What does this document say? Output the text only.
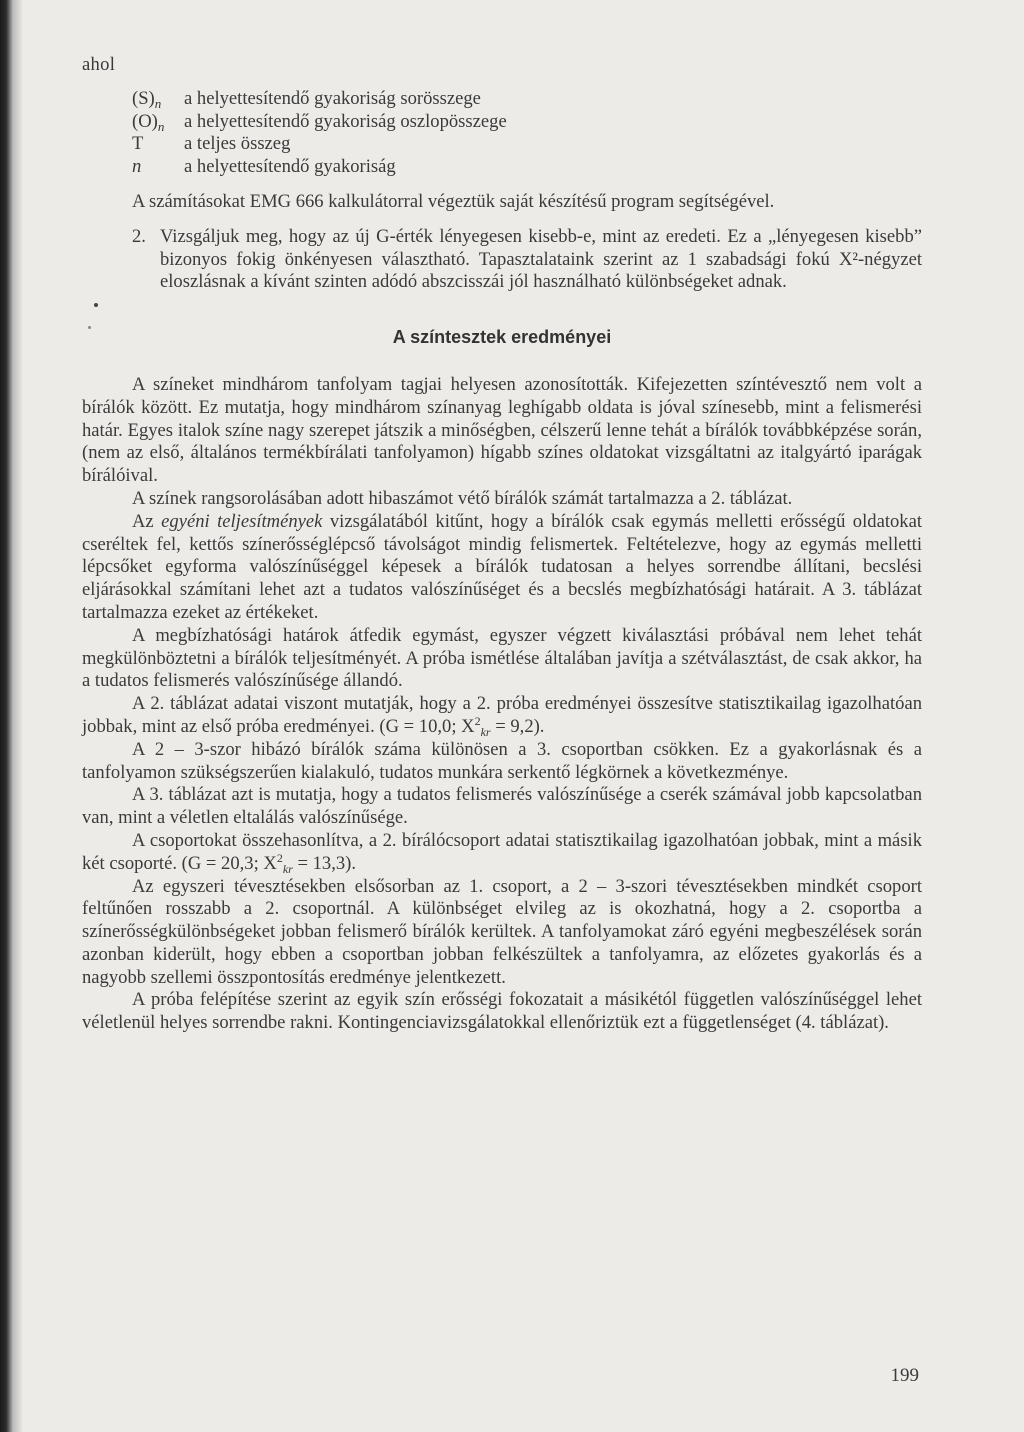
ahol

$(S)_n$	a helyettesítendő gyakoriság sorösszege
$(O)_n$	a helyettesítendő gyakoriság oszlopösszege
T	a teljes összeg
n	a helyettesítendő gyakoriság

A számításokat EMG 666 kalkulátorral végeztük saját készítésű program segítségével.

2. Vizsgáljuk meg, hogy az új G-érték lényegesen kisebb-e, mint az eredeti. Ez a „lényegesen kisebb” bizonyos fokig önkényesen választható. Tapasztalataink szerint az 1 szabadsági fokú X²-négyzet eloszlásnak a kívánt szinten adódó abszcisszái jól használható különbségeket adnak.

A színtesztek eredményei

A színeket mindhárom tanfolyam tagjai helyesen azonosították. Kifejezetten színtévesztő nem volt a bírálók között. Ez mutatja, hogy mindhárom színanyag leghígabb oldata is jóval színesebb, mint a felismerési határ. Egyes italok színe nagy szerepet játszik a minőségben, célszerű lenne tehát a bírálók továbbképzése során, (nem az első, általános termékbírálati tanfolyamon) hígabb színes oldatokat vizsgáltatni az italgyártó iparágak bírálóival.

A színek rangsorolásában adott hibaszámot vétő bírálók számát tartalmazza a 2. táblázat.

Az egyéni teljesítmények vizsgálatából kitűnt, hogy a bírálók csak egymás melletti erősségű oldatokat cseréltek fel, kettős színerősséglépcső távolságot mindig felismertek. Feltételezve, hogy az egymás melletti lépcsőket egyforma valószínűséggel képesek a bírálók tudatosan a helyes sorrendbe állítani, becslési eljárásokkal számítani lehet azt a tudatos valószínűséget és a becslés megbízhatósági határait. A 3. táblázat tartalmazza ezeket az értékeket.

A megbízhatósági határok átfedik egymást, egyszer végzett kiválasztási próbával nem lehet tehát megkülönböztetni a bírálók teljesítményét. A próba ismétlése általában javítja a szétválasztást, de csak akkor, ha a tudatos felismerés valószínűsége állandó.

A 2. táblázat adatai viszont mutatják, hogy a 2. próba eredményei összesítve statisztikailag igazolhatóan jobbak, mint az első próba eredményei. (G = 10,0; $X^2_{kr} = 9,2$).

A 2 – 3-szor hibázó bírálók száma különösen a 3. csoportban csökken. Ez a gyakorlásnak és a tanfolyamon szükségszerűen kialakuló, tudatos munkára serkentő légkörnek a következménye.

A 3. táblázat azt is mutatja, hogy a tudatos felismerés valószínűsége a cserék számával jobb kapcsolatban van, mint a véletlen eltalálás valószínűsége.

A csoportokat összehasonlítva, a 2. bírálócsoport adatai statisztikailag igazolhatóan jobbak, mint a másik két csoporté. (G = 20,3; $X^2_{kr} = 13,3$).

Az egyszeri tévesztésekben elsősorban az 1. csoport, a 2 – 3-szori tévesztésekben mindkét csoport feltűnően rosszabb a 2. csoportnál. A különbséget elvileg az is okozhatná, hogy a 2. csoportba a színerősségkülönbségeket jobban felismerő bírálók kerültek. A tanfolyamokat záró egyéni megbeszélések során azonban kiderült, hogy ebben a csoportban jobban felkészültek a tanfolyamra, az előzetes gyakorlás és a nagyobb szellemi összpontosítás eredménye jelentkezett.

A próba felépítése szerint az egyik szín erősségi fokozatait a másikétól független valószínűséggel lehet véletlenül helyes sorrendbe rakni. Kontingenciavizsgálatokkal ellenőriztük ezt a függetlenséget (4. táblázat).

199
